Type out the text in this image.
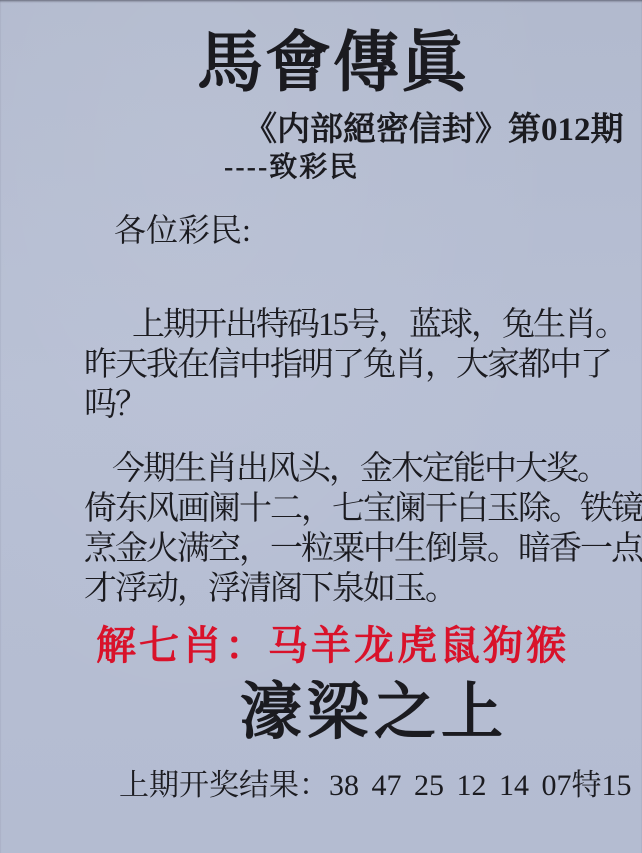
馬會傳眞
《内部絕密信封》第012期
----致彩民
各位彩民:
上期开出特码15号，蓝球，兔生肖。
昨天我在信中指明了兔肖，大家都中了
吗？
今期生肖出风头，金木定能中大奖。
倚东风画阑十二，七宝阑干白玉除。铁镜
烹金火满空，一粒粟中生倒景。暗香一点
才浮动，浮清阁下泉如玉。
解七肖：马羊龙虎鼠狗猴
濠梁之上
上期开奖结果：38 47 25 12 14 07特15
